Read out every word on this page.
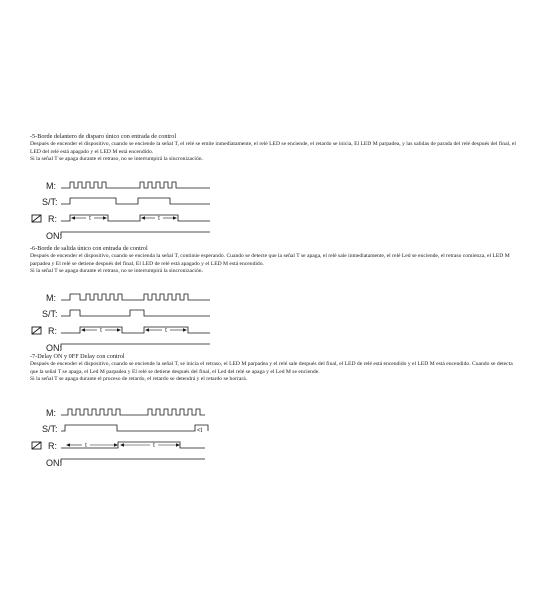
-5-Borde delantero de disparo único con entrada de control

Después de encender el dispositivo, cuando se enciende la señal T, el relé se emite inmediatamente, el relé LED se enciende, el retardo se inicia, El LED M parpadea, y las salidas de parada del relé después del final, el LED del relé está apagado y el LED M está encendido.

Si la señal T se apaga durante el retraso, no se interrumpirá la sincronización.

M:
S/T:
R:	t	t
ON:

-6-Borde de salida único con entrada de control

Después de encender el dispositivo, cuando se encienda la señal T, continúe esperando. Cuando se detecte que la señal T se apaga, el relé sale inmediatamente, el relé Led se enciende, el retraso comienza, el LED M parpadea y El relé se detiene después del final, El LED de relé está apagado y el LED M está encendido.

Si la señal T se apaga durante el retraso, no se interrumpirá la sincronización.

M:
S/T:
R:	t	t
ON:

-7-Delay ON y 0FF Delay con control

Después de encender el dispositivo, cuando se enciende la señal T, se inicia el retraso, el LED M parpadea y el relé sale después del final, el LED de relé está encendido y el LED M está encendido. Cuando se detecta que la señal T se apaga, el Led M parpadea y El relé se detiene después del final, el Led del relé se apaga y el Led M se enciende.

Si la señal T se apaga durante el proceso de retardo, el retardo se detendrá y el retardo se borrará.

M:
S/T:	<t
R:	t	t
ON:
